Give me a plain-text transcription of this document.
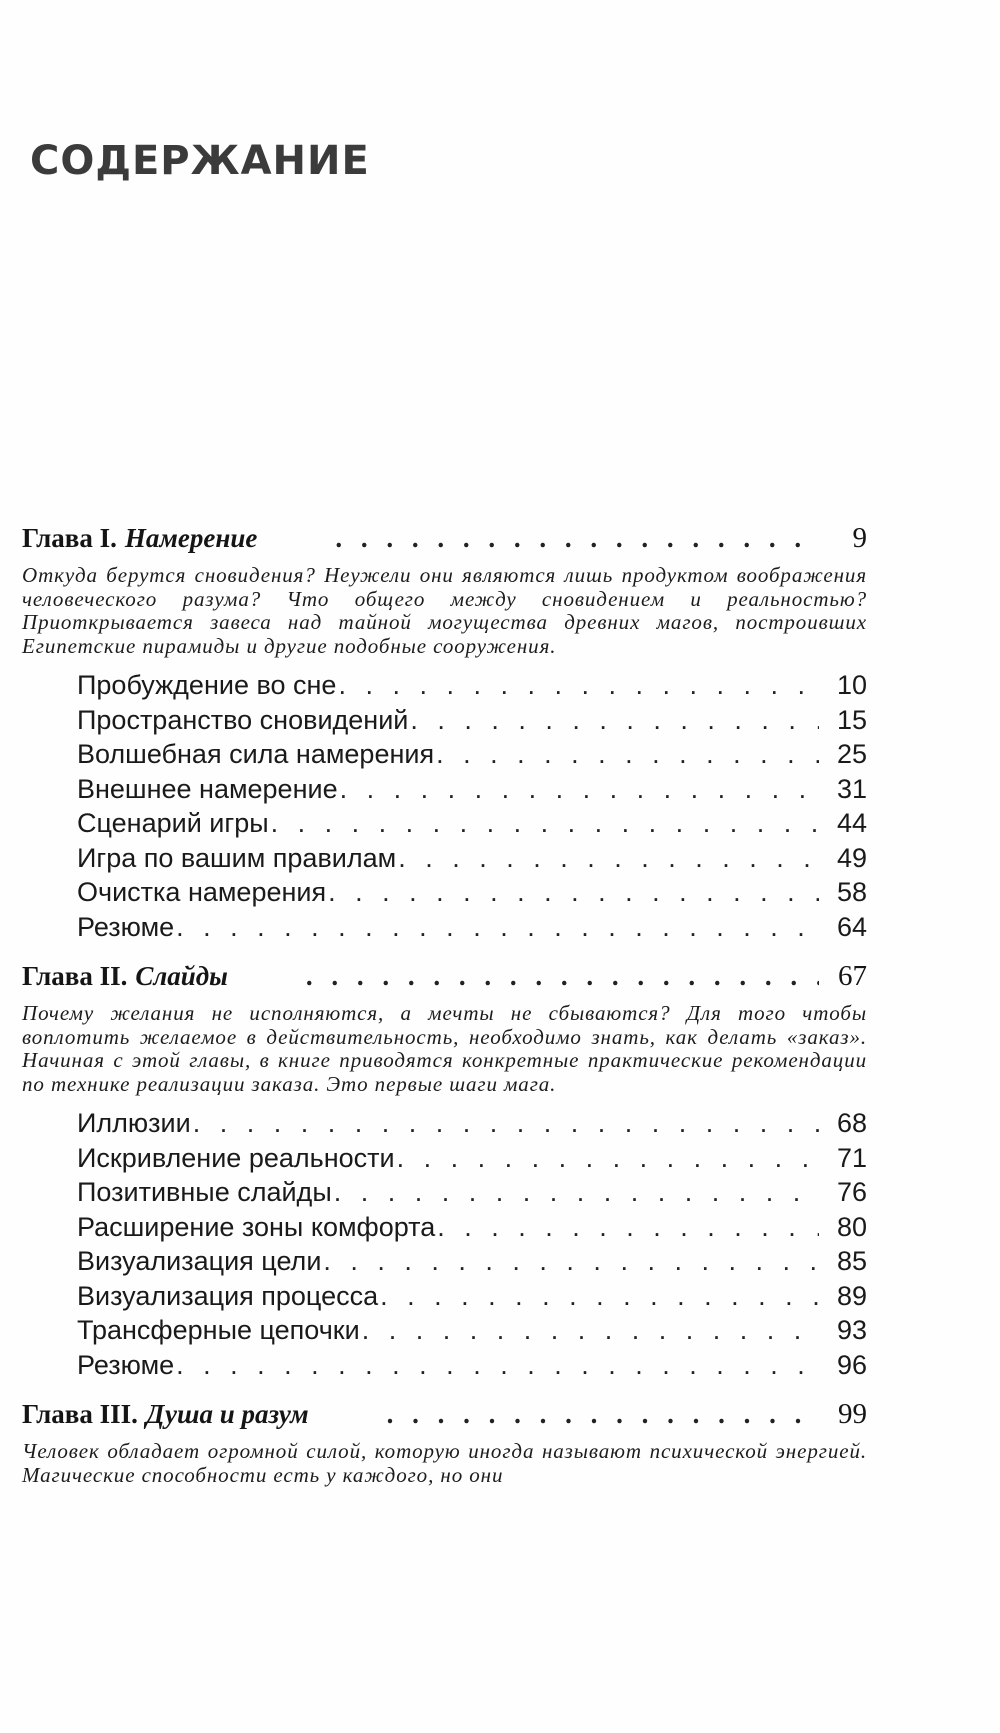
СОДЕРЖАНИЕ
Глава I. Намерение . . .	9

Откуда берутся сновидения? Неужели они являются лишь продуктом воображения человеческого разума? Что общего между сновидением и реальностью? Приоткрывается завеса над тайной могущества древних магов, построивших Египетские пирамиды и другие подобные сооружения.

Пробуждение во сне . . .	10
Пространство сновидений . . .	15
Волшебная сила намерения . . .	25
Внешнее намерение . . .	31
Сценарий игры . . .	44
Игра по вашим правилам . . .	49
Очистка намерения . . .	58
Резюме . . .	64
Глава II. Слайды . . .	67

Почему желания не исполняются, а мечты не сбываются? Для того чтобы воплотить желаемое в действительность, необходимо знать, как делать «заказ». Начиная с этой главы, в книге приводятся конкретные практические рекомендации по технике реализации заказа. Это первые шаги мага.

Иллюзии . . .	68
Искривление реальности . . .	71
Позитивные слайды . . .	76
Расширение зоны комфорта . . .	80
Визуализация цели . . .	85
Визуализация процесса . . .	89
Трансферные цепочки . . .	93
Резюме . . .	96
Глава III. Душа и разум . . .	99

Человек обладает огромной силой, которую иногда называют психической энергией. Магические способности есть у каждого, но они
